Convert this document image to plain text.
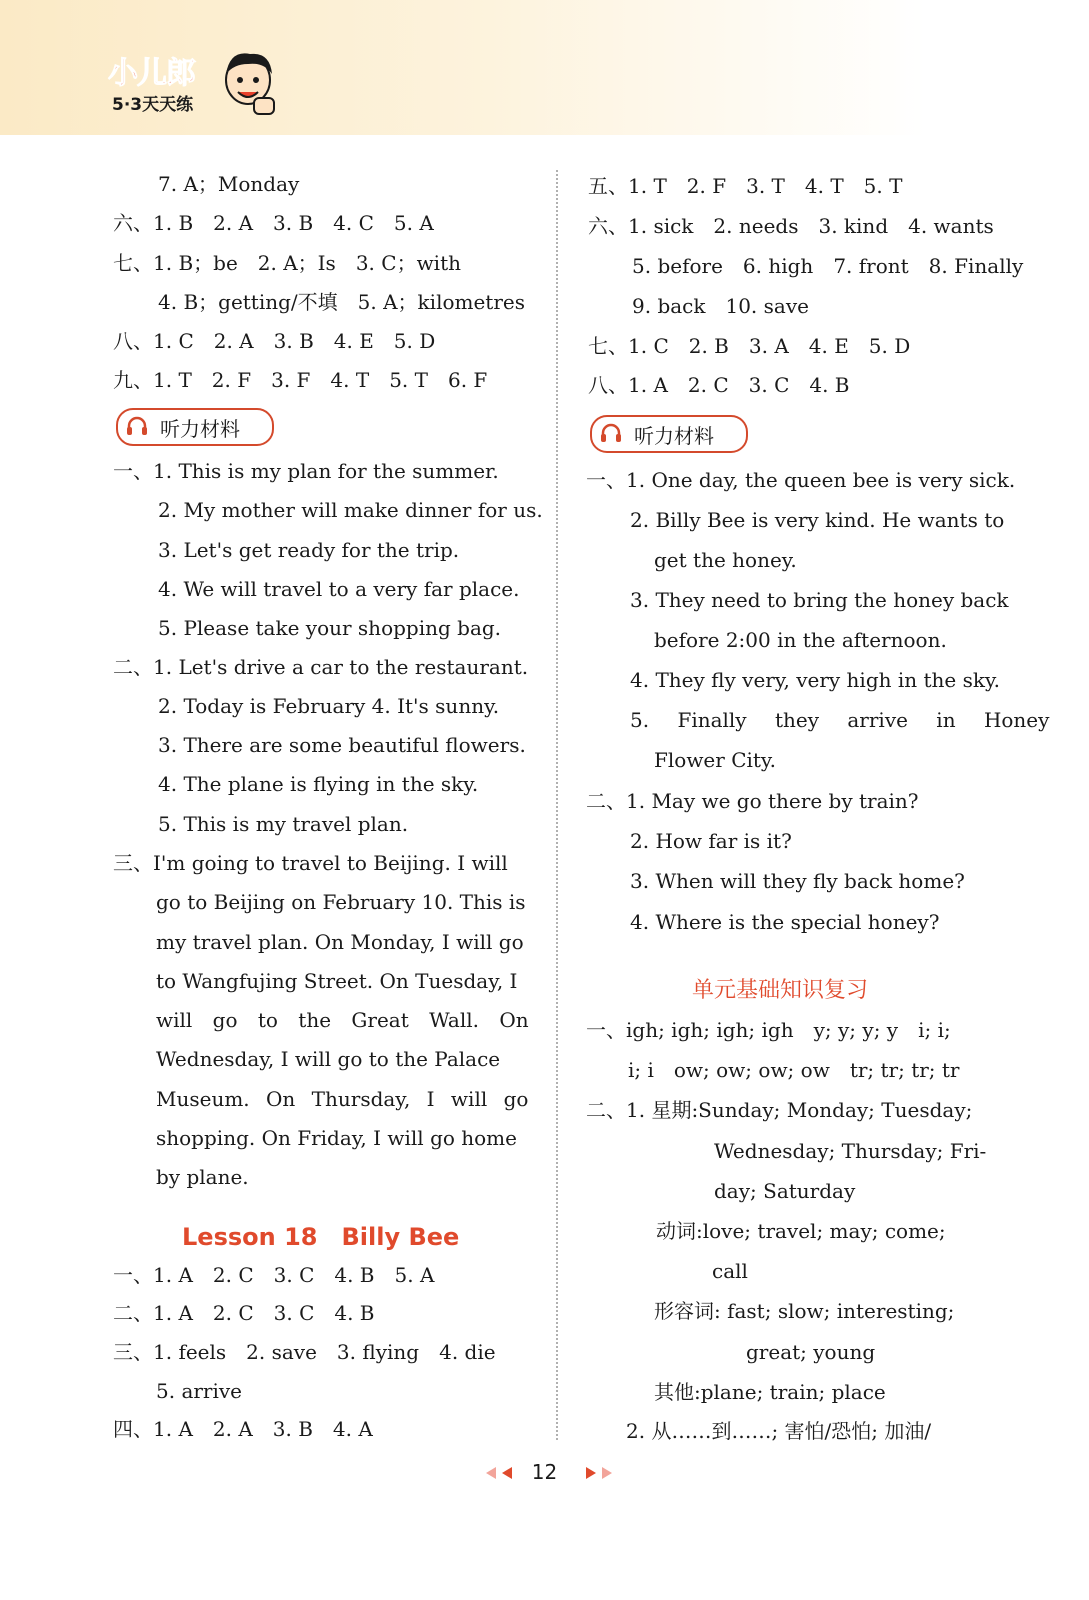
小儿郎
5·3天天练
7. A；Monday
六、1. B　2. A　3. B　4. C　5. A
七、1. B；be　2. A；Is　3. C；with
4. B；getting/不填　5. A；kilometres
八、1. C　2. A　3. B　4. E　5. D
九、1. T　2. F　3. F　4. T　5. T　6. F
听力材料
一、1. This is my plan for the summer.
2. My mother will make dinner for us.
3. Let's get ready for the trip.
4. We will travel to a very far place.
5. Please take your shopping bag.
二、1. Let's drive a car to the restaurant.
2. Today is February 4. It's sunny.
3. There are some beautiful flowers.
4. The plane is flying in the sky.
5. This is my travel plan.
三、I'm going to travel to Beijing. I will
go to Beijing on February 10. This is
my travel plan. On Monday, I will go
to Wangfujing Street. On Tuesday, I
will go to the Great Wall. On
Wednesday, I will go to the Palace
Museum. On Thursday, I will go
shopping. On Friday, I will go home
by plane.
Lesson 18　Billy Bee
一、1. A　2. C　3. C　4. B　5. A
二、1. A　2. C　3. C　4. B
三、1. feels　2. save　3. flying　4. die
5. arrive
四、1. A　2. A　3. B　4. A
五、1. T　2. F　3. T　4. T　5. T
六、1. sick　2. needs　3. kind　4. wants
5. before　6. high　7. front　8. Finally
9. back　10. save
七、1. C　2. B　3. A　4. E　5. D
八、1. A　2. C　3. C　4. B
听力材料
一、1. One day, the queen bee is very sick.
2. Billy Bee is very kind. He wants to
get the honey.
3. They need to bring the honey back
before 2:00 in the afternoon.
4. They fly very, very high in the sky.
5. Finally they arrive in Honey
Flower City.
二、1. May we go there by train?
2. How far is it?
3. When will they fly back home?
4. Where is the special honey?
单元基础知识复习
一、igh; igh; igh; igh　y; y; y; y　i; i;
i; i　ow; ow; ow; ow　tr; tr; tr; tr
二、1. 星期:Sunday; Monday; Tuesday;
Wednesday; Thursday; Fri-
day; Saturday
动词:love; travel; may; come;
call
形容词: fast; slow; interesting;
great; young
其他:plane; train; place
2. 从……到……; 害怕/恐怕; 加油/
12
